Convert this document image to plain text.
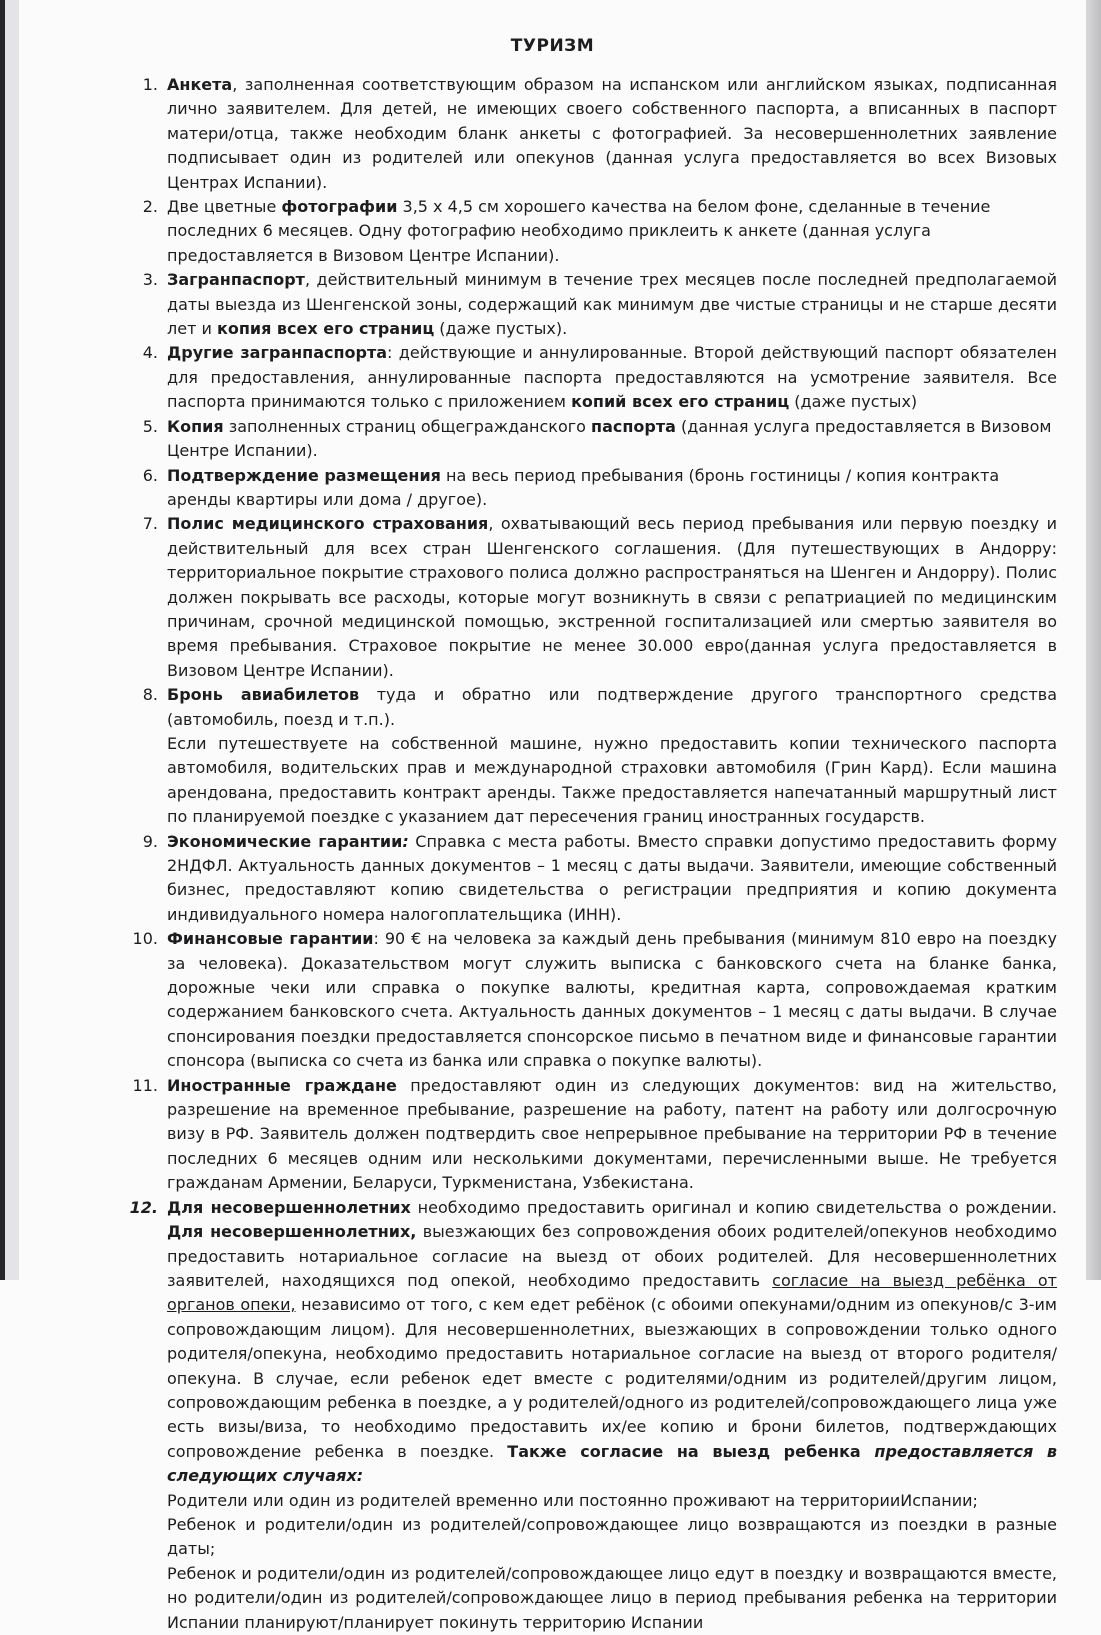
ТУРИЗМ
1. Анкета, заполненная соответствующим образом на испанском или английском языках, подписанная лично заявителем. Для детей, не имеющих своего собственного паспорта, а вписанных в паспорт матери/отца, также необходим бланк анкеты с фотографией. За несовершеннолетних заявление подписывает один из родителей или опекунов (данная услуга предоставляется во всех Визовых Центрах Испании).
2. Две цветные фотографии 3,5 x 4,5 см хорошего качества на белом фоне, сделанные в течение последних 6 месяцев. Одну фотографию необходимо приклеить к анкете (данная услуга предоставляется в Визовом Центре Испании).
3. Загранпаспорт, действительный минимум в течение трех месяцев после последней предполагаемой даты выезда из Шенгенской зоны, содержащий как минимум две чистые страницы и не старше десяти лет и копия всех его страниц (даже пустых).
4. Другие загранпаспорта: действующие и аннулированные. Второй действующий паспорт обязателен для предоставления, аннулированные паспорта предоставляются на усмотрение заявителя. Все паспорта принимаются только с приложением копий всех его страниц (даже пустых)
5. Копия заполненных страниц общегражданского паспорта (данная услуга предоставляется в Визовом Центре Испании).
6. Подтверждение размещения на весь период пребывания (бронь гостиницы / копия контракта аренды квартиры или дома / другое).
7. Полис медицинского страхования, охватывающий весь период пребывания или первую поездку и действительный для всех стран Шенгенского соглашения. (Для путешествующих в Андорру: территориальное покрытие страхового полиса должно распространяться на Шенген и Андорру). Полис должен покрывать все расходы, которые могут возникнуть в связи с репатриацией по медицинским причинам, срочной медицинской помощью, экстренной госпитализацией или смертью заявителя во время пребывания. Страховое покрытие не менее 30.000 евро(данная услуга предоставляется в Визовом Центре Испании).
8. Бронь авиабилетов туда и обратно или подтверждение другого транспортного средства (автомобиль, поезд и т.п.).
Если путешествуете на собственной машине, нужно предоставить копии технического паспорта автомобиля, водительских прав и международной страховки автомобиля (Грин Кард). Если машина арендована, предоставить контракт аренды. Также предоставляется напечатанный маршрутный лист по планируемой поездке с указанием дат пересечения границ иностранных государств.
9. Экономические гарантии: Справка с места работы. Вместо справки допустимо предоставить форму 2НДФЛ. Актуальность данных документов – 1 месяц с даты выдачи. Заявители, имеющие собственный бизнес, предоставляют копию свидетельства о регистрации предприятия и копию документа индивидуального номера налогоплательщика (ИНН).
10. Финансовые гарантии: 90 € на человека за каждый день пребывания (минимум 810 евро на поездку за человека). Доказательством могут служить выписка с банковского счета на бланке банка, дорожные чеки или справка о покупке валюты, кредитная карта, сопровождаемая кратким содержанием банковского счета. Актуальность данных документов – 1 месяц с даты выдачи. В случае спонсирования поездки предоставляется спонсорское письмо в печатном виде и финансовые гарантии спонсора (выписка со счета из банка или справка о покупке валюты).
11. Иностранные граждане предоставляют один из следующих документов: вид на жительство, разрешение на временное пребывание, разрешение на работу, патент на работу или долгосрочную визу в РФ. Заявитель должен подтвердить свое непрерывное пребывание на территории РФ в течение последних 6 месяцев одним или несколькими документами, перечисленными выше. Не требуется гражданам Армении, Беларуси, Туркменистана, Узбекистана.
12. Для несовершеннолетних необходимо предоставить оригинал и копию свидетельства о рождении. Для несовершеннолетних, выезжающих без сопровождения обоих родителей/опекунов необходимо предоставить нотариальное согласие на выезд от обоих родителей. Для несовершеннолетних заявителей, находящихся под опекой, необходимо предоставить согласие на выезд ребёнка от органов опеки, независимо от того, с кем едет ребёнок (с обоими опекунами/одним из опекунов/с 3-им сопровождающим лицом). Для несовершеннолетних, выезжающих в сопровождении только одного родителя/опекуна, необходимо предоставить нотариальное согласие на выезд от второго родителя/опекуна. В случае, если ребенок едет вместе с родителями/одним из родителей/другим лицом, сопровождающим ребенка в поездке, а у родителей/одного из родителей/сопровождающего лица уже есть визы/виза, то необходимо предоставить их/ее копию и брони билетов, подтверждающих сопровождение ребенка в поездке. Также согласие на выезд ребенка предоставляется в следующих случаях:
Родители или один из родителей временно или постоянно проживают на территорииИспании;
Ребенок и родители/один из родителей/сопровождающее лицо возвращаются из поездки в разные даты;
Ребенок и родители/один из родителей/сопровождающее лицо едут в поездку и возвращаются вместе, но родители/один из родителей/сопровождающее лицо в период пребывания ребенка на территории Испании планируют/планирует покинуть территорию Испании
